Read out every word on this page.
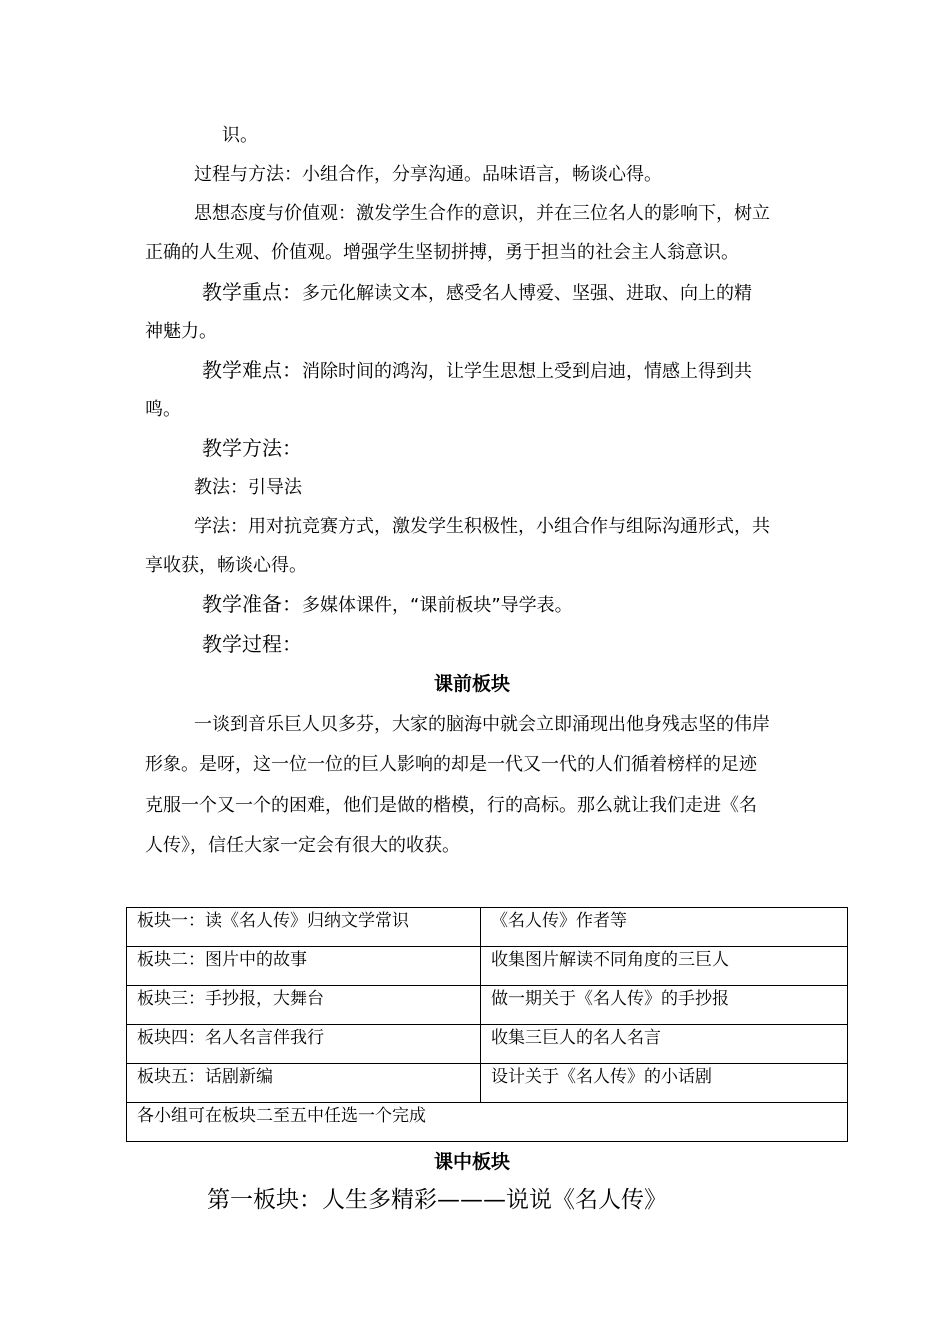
识。
过程与方法：小组合作，分享沟通。品味语言，畅谈心得。
思想态度与价值观：激发学生合作的意识，并在三位名人的影响下，树立
正确的人生观、价值观。增强学生坚韧拼搏，勇于担当的社会主人翁意识。
教学重点：多元化解读文本，感受名人博爱、坚强、进取、向上的精
神魅力。
教学难点：消除时间的鸿沟，让学生思想上受到启迪，情感上得到共
鸣。
教学方法：
教法：引导法
学法：用对抗竞赛方式，激发学生积极性，小组合作与组际沟通形式，共
享收获，畅谈心得。
教学准备：多媒体课件，“课前板块”导学表。
教学过程：
课前板块
一谈到音乐巨人贝多芬，大家的脑海中就会立即涌现出他身残志坚的伟岸
形象。是呀，这一位一位的巨人影响的却是一代又一代的人们循着榜样的足迹
克服一个又一个的困难，他们是做的楷模，行的高标。那么就让我们走进《名
人传》，信任大家一定会有很大的收获。
板块一：读《名人传》归纳文学常识	《名人传》作者等
板块二：图片中的故事	收集图片解读不同角度的三巨人
板块三：手抄报，大舞台	做一期关于《名人传》的手抄报
板块四：名人名言伴我行	收集三巨人的名人名言
板块五：话剧新编	设计关于《名人传》的小话剧
各小组可在板块二至五中任选一个完成	
课中板块
第一板块：人生多精彩———说说《名人传》
